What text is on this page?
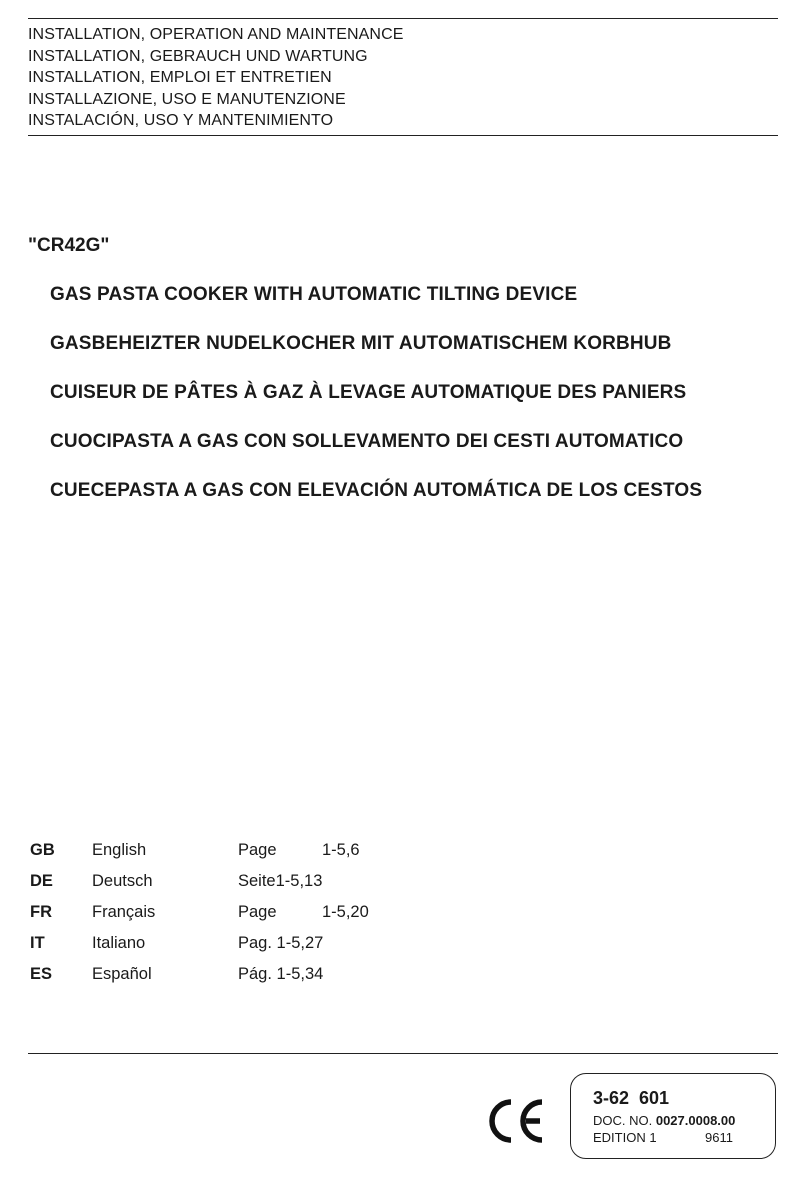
INSTALLATION, OPERATION AND MAINTENANCE
INSTALLATION, GEBRAUCH UND WARTUNG
INSTALLATION, EMPLOI ET ENTRETIEN
INSTALLAZIONE, USO E MANUTENZIONE
INSTALACIÓN, USO Y MANTENIMIENTO
"CR42G"
GAS PASTA COOKER WITH AUTOMATIC TILTING DEVICE
GASBEHEIZTER NUDELKOCHER MIT AUTOMATISCHEM KORBHUB
CUISEUR DE PÂTES À GAZ À LEVAGE AUTOMATIQUE DES PANIERS
CUOCIPASTA A GAS CON SOLLEVAMENTO DEI CESTI AUTOMATICO
CUECEPASTA A GAS CON ELEVACIÓN AUTOMÁTICA DE LOS CESTOS
GB English	Page	1-5,6
DE Deutsch	Seite1-5,13
FR Français	Page	1-5,20
IT	Italiano	Pag. 1-5,27
ES Español	Pág. 1-5,34
3-62  601
DOC. NO. 0027.0008.00
EDITION 1	9611
